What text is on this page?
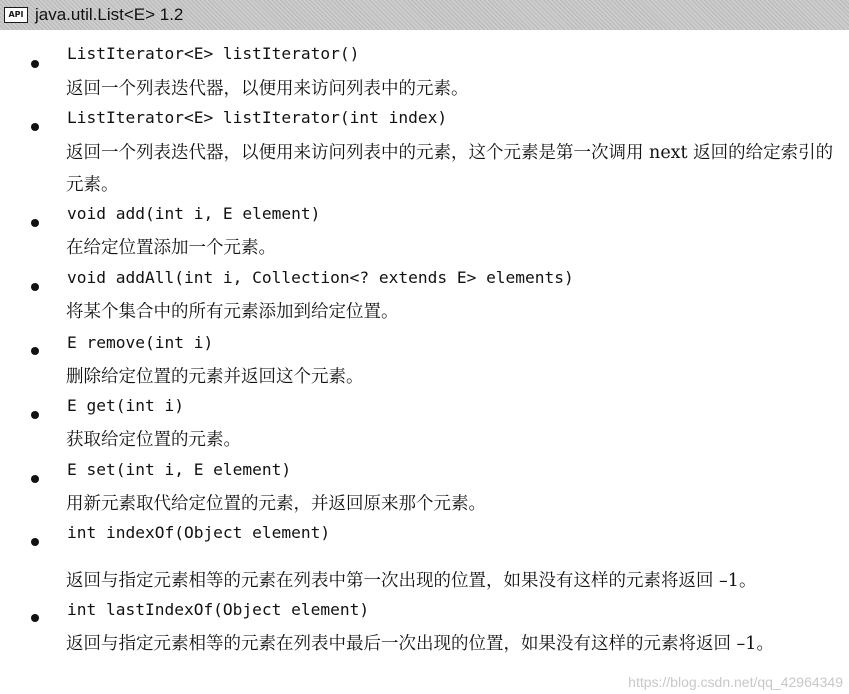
API java.util.List<E> 1.2
ListIterator<E> listIterator()
返回一个列表迭代器，以便用来访问列表中的元素。
ListIterator<E> listIterator(int index)
返回一个列表迭代器，以便用来访问列表中的元素，这个元素是第一次调用 next 返回的给定索引的元素。
void add(int i, E element)
在给定位置添加一个元素。
void addAll(int i, Collection<? extends E> elements)
将某个集合中的所有元素添加到给定位置。
E remove(int i)
删除给定位置的元素并返回这个元素。
E get(int i)
获取给定位置的元素。
E set(int i, E element)
用新元素取代给定位置的元素，并返回原来那个元素。
int indexOf(Object element)
返回与指定元素相等的元素在列表中第一次出现的位置，如果没有这样的元素将返回 –1。
int lastIndexOf(Object element)
返回与指定元素相等的元素在列表中最后一次出现的位置，如果没有这样的元素将返回 –1。
https://blog.csdn.net/qq_42964349
